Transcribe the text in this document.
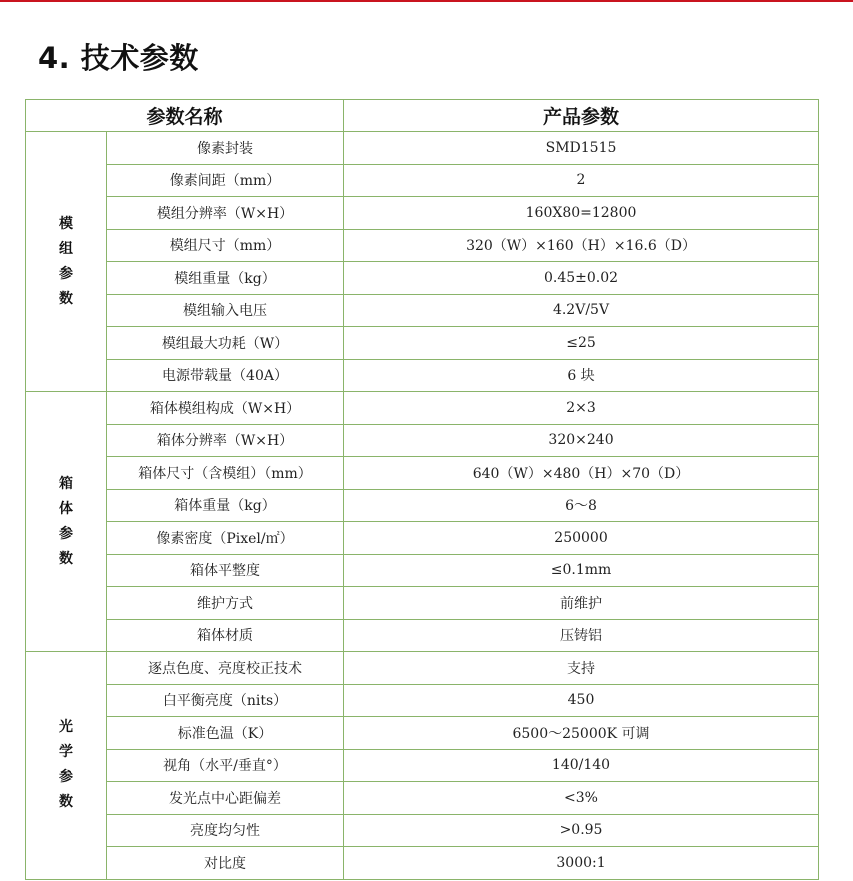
4. 技术参数
参数名称		产品参数

模
组
参
数	像素封装	SMD1515
	像素间距（mm）	2
	模组分辨率（W×H）	160X80=12800
	模组尺寸（mm）	320（W）×160（H）×16.6（D）
	模组重量（kg）	0.45±0.02
	模组输入电压	4.2V/5V
	模组最大功耗（W）	≤25
	电源带载量（40A）	6 块

箱
体
参
数	箱体模组构成（W×H）	2×3
	箱体分辨率（W×H）	320×240
	箱体尺寸（含模组）（mm）	640（W）×480（H）×70（D）
	箱体重量（kg）	6～8
	像素密度（Pixel/㎡）	250000
	箱体平整度	≤0.1mm
	维护方式	前维护
	箱体材质	压铸铝

光
学
参
数	逐点色度、亮度校正技术	支持
	白平衡亮度（nits）	450
	标准色温（K）	6500～25000K 可调
	视角（水平/垂直°）	140/140
	发光点中心距偏差	<3%
	亮度均匀性	>0.95
	对比度	3000:1
